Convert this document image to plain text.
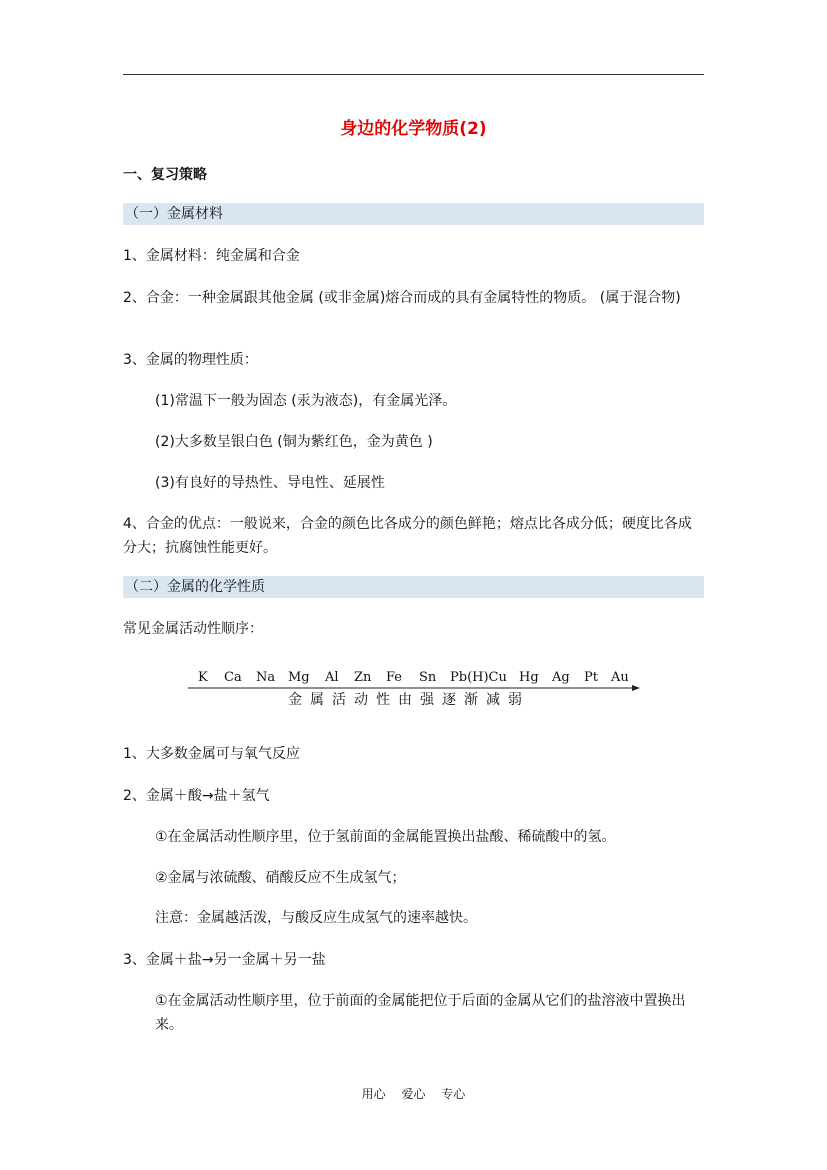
身边的化学物质(2)
一、复习策略
（一）金属材料
1、金属材料：纯金属和合金
2、合金：一种金属跟其他金属 (或非金属)熔合而成的具有金属特性的物质。 (属于混合物)
3、金属的物理性质：
(1)常温下一般为固态 (汞为液态)，有金属光泽。
(2)大多数呈银白色 (铜为紫红色，金为黄色 )
(3)有良好的导热性、导电性、延展性
4、合金的优点：一般说来，合金的颜色比各成分的颜色鲜艳；熔点比各成分低；硬度比各成分大；抗腐蚀性能更好。
（二）金属的化学性质
常见金属活动性顺序：
K Ca Na Mg Al Zn Fe Sn Pb(H)Cu Hg Ag Pt Au
金属活动性由强逐渐减弱
1、大多数金属可与氧气反应
2、金属＋酸→盐＋氢气
①在金属活动性顺序里，位于氢前面的金属能置换出盐酸、稀硫酸中的氢。
②金属与浓硫酸、硝酸反应不生成氢气；
注意：金属越活泼，与酸反应生成氢气的速率越快。
3、金属＋盐→另一金属＋另一盐
①在金属活动性顺序里，位于前面的金属能把位于后面的金属从它们的盐溶液中置换出来。
用心 爱心 专心
